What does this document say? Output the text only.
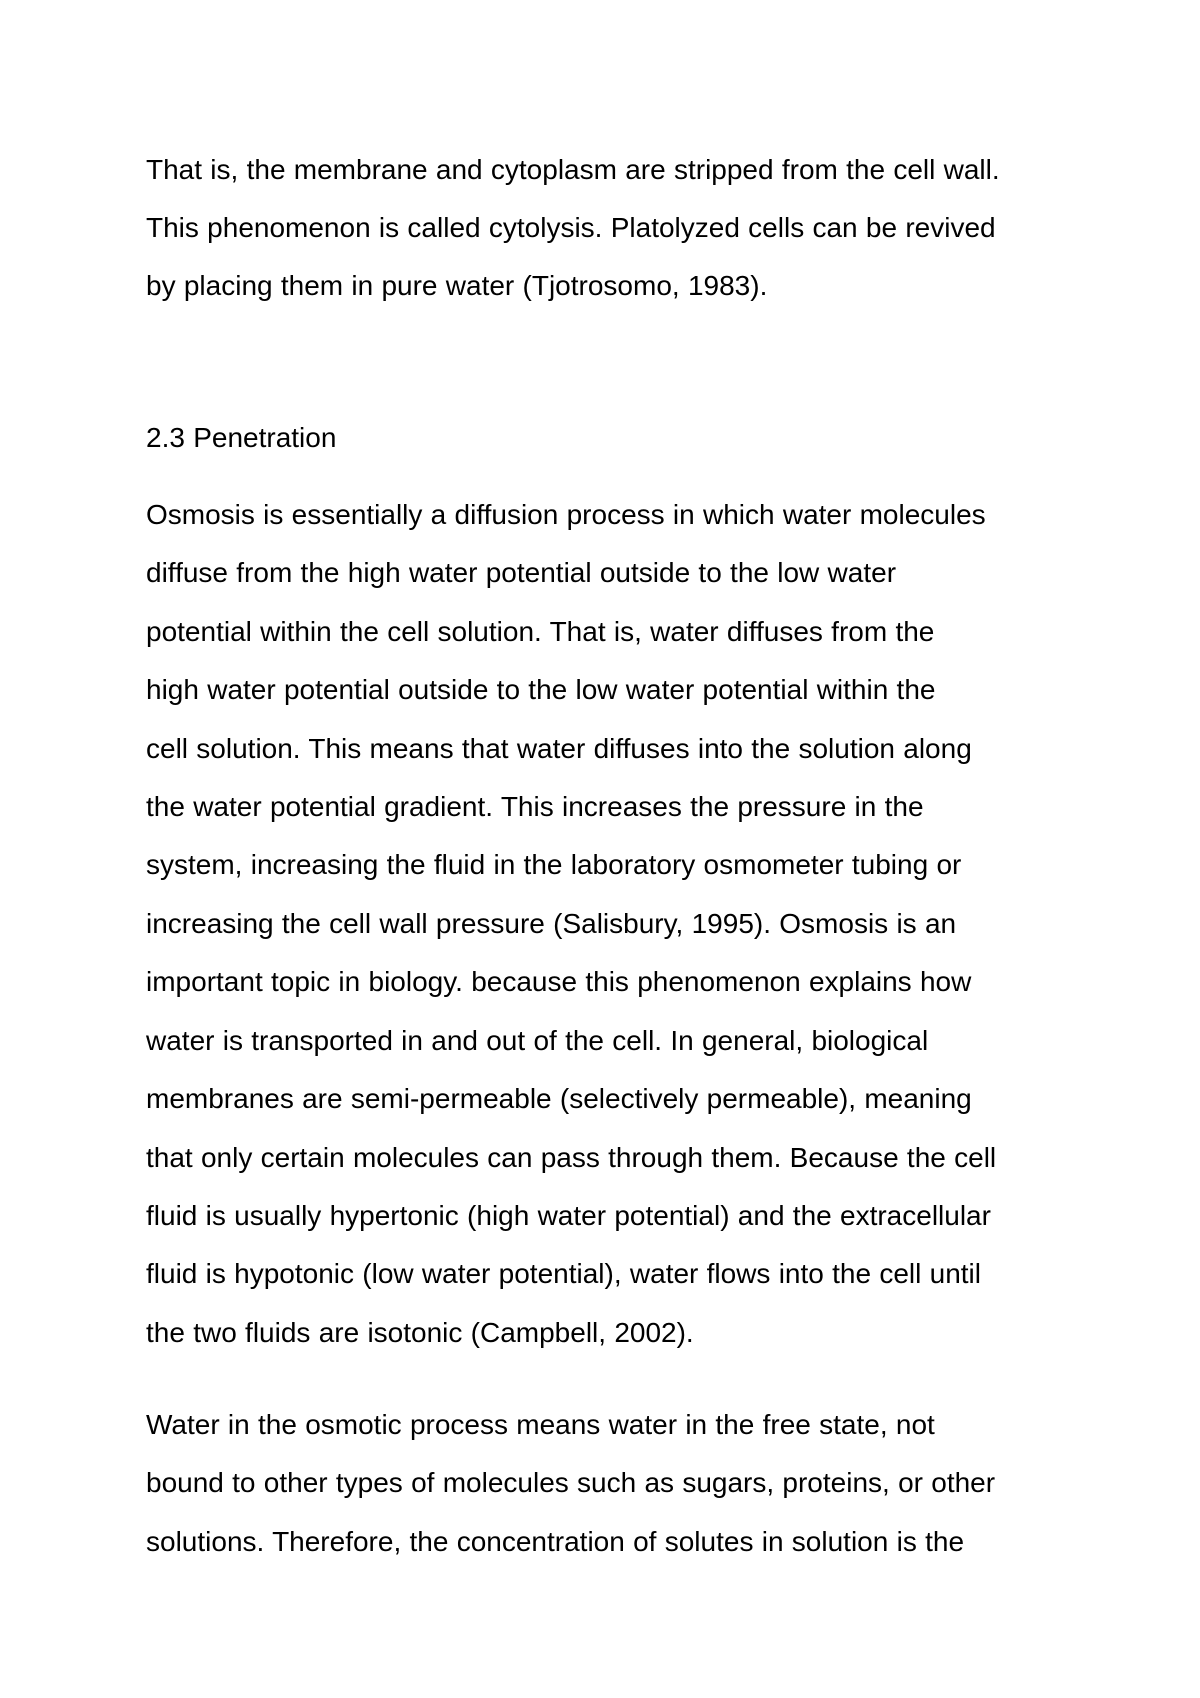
That is, the membrane and cytoplasm are stripped from the cell wall.
This phenomenon is called cytolysis. Platolyzed cells can be revived
by placing them in pure water (Tjotrosomo, 1983).
2.3 Penetration
Osmosis is essentially a diffusion process in which water molecules
diffuse from the high water potential outside to the low water
potential within the cell solution. That is, water diffuses from the
high water potential outside to the low water potential within the
cell solution. This means that water diffuses into the solution along
the water potential gradient. This increases the pressure in the
system, increasing the fluid in the laboratory osmometer tubing or
increasing the cell wall pressure (Salisbury, 1995). Osmosis is an
important topic in biology. because this phenomenon explains how
water is transported in and out of the cell. In general, biological
membranes are semi-permeable (selectively permeable), meaning
that only certain molecules can pass through them. Because the cell
fluid is usually hypertonic (high water potential) and the extracellular
fluid is hypotonic (low water potential), water flows into the cell until
the two fluids are isotonic (Campbell, 2002).
Water in the osmotic process means water in the free state, not
bound to other types of molecules such as sugars, proteins, or other
solutions. Therefore, the concentration of solutes in solution is the
